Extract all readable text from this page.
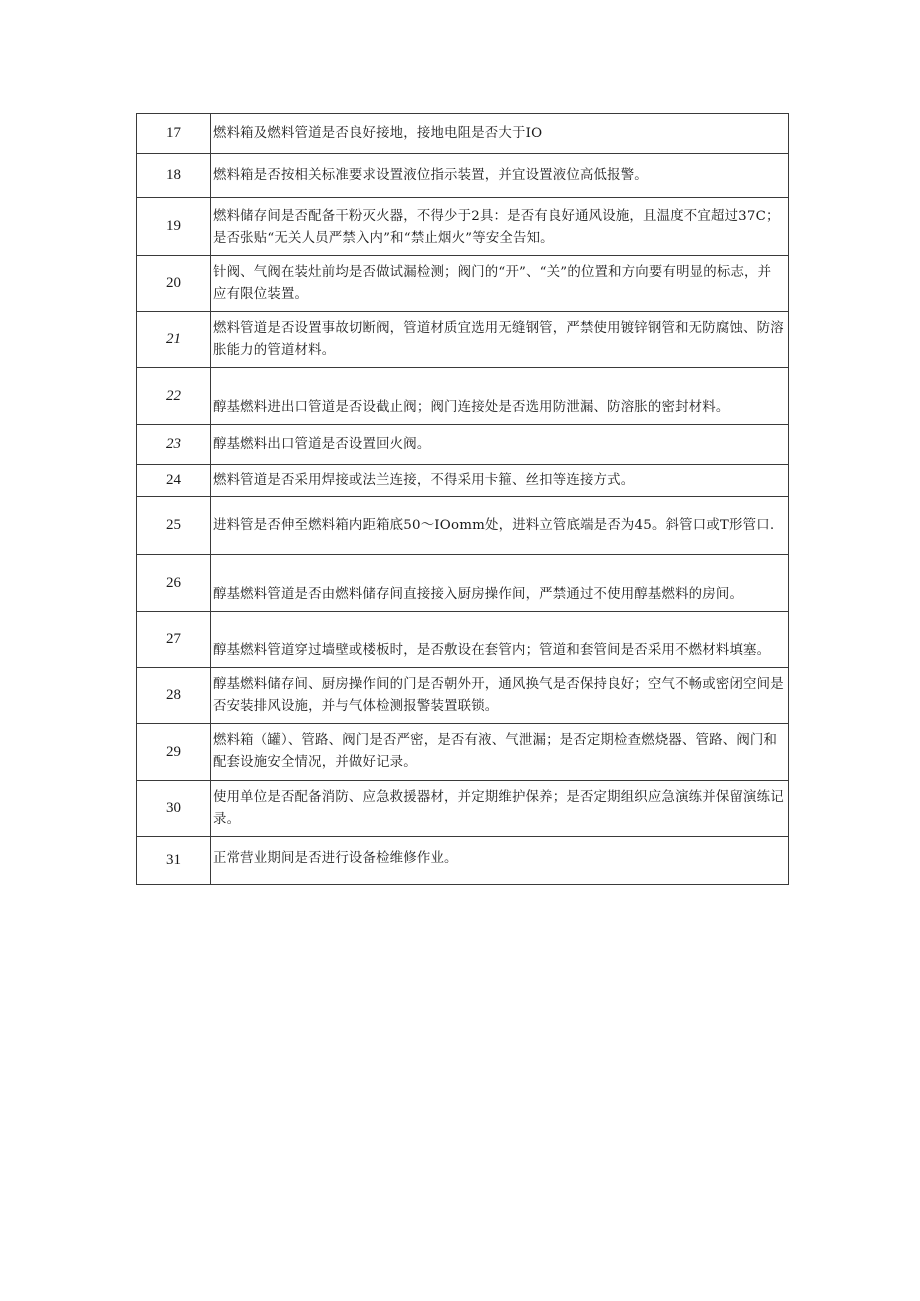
17	燃料箱及燃料管道是否良好接地，接地电阻是否大于IO
18	燃料箱是否按相关标准要求设置液位指示装置，并宜设置液位高低报警。
19	燃料储存间是否配备干粉灭火器，不得少于2具：是否有良好通风设施，且温度不宜超过37C；是否张贴“无关人员严禁入内”和“禁止烟火”等安全告知。
20	针阀、气阀在装灶前均是否做试漏检测；阀门的“开”、“关”的位置和方向要有明显的标志，并应有限位装置。
21	燃料管道是否设置事故切断阀，管道材质宜选用无缝钢管，严禁使用镀锌钢管和无防腐蚀、防溶胀能力的管道材料。
22	醇基燃料进出口管道是否设截止阀；阀门连接处是否选用防泄漏、防溶胀的密封材料。
23	醇基燃料出口管道是否设置回火阀。
24	燃料管道是否采用焊接或法兰连接，不得采用卡箍、丝扣等连接方式。
25	进料管是否伸至燃料箱内距箱底50～IOomm处，进料立管底端是否为45。斜管口或T形管口.
26	醇基燃料管道是否由燃料储存间直接接入厨房操作间，严禁通过不使用醇基燃料的房间。
27	醇基燃料管道穿过墙壁或楼板时，是否敷设在套管内；管道和套管间是否采用不燃材料填塞。
28	醇基燃料储存间、厨房操作间的门是否朝外开，通风换气是否保持良好；空气不畅或密闭空间是否安装排风设施，并与气体检测报警装置联锁。
29	燃料箱（罐）、管路、阀门是否严密，是否有液、气泄漏；是否定期检查燃烧器、管路、阀门和配套设施安全情况，并做好记录。
30	使用单位是否配备消防、应急救援器材，并定期维护保养；是否定期组织应急演练并保留演练记录。
31	正常营业期间是否进行设备检维修作业。
